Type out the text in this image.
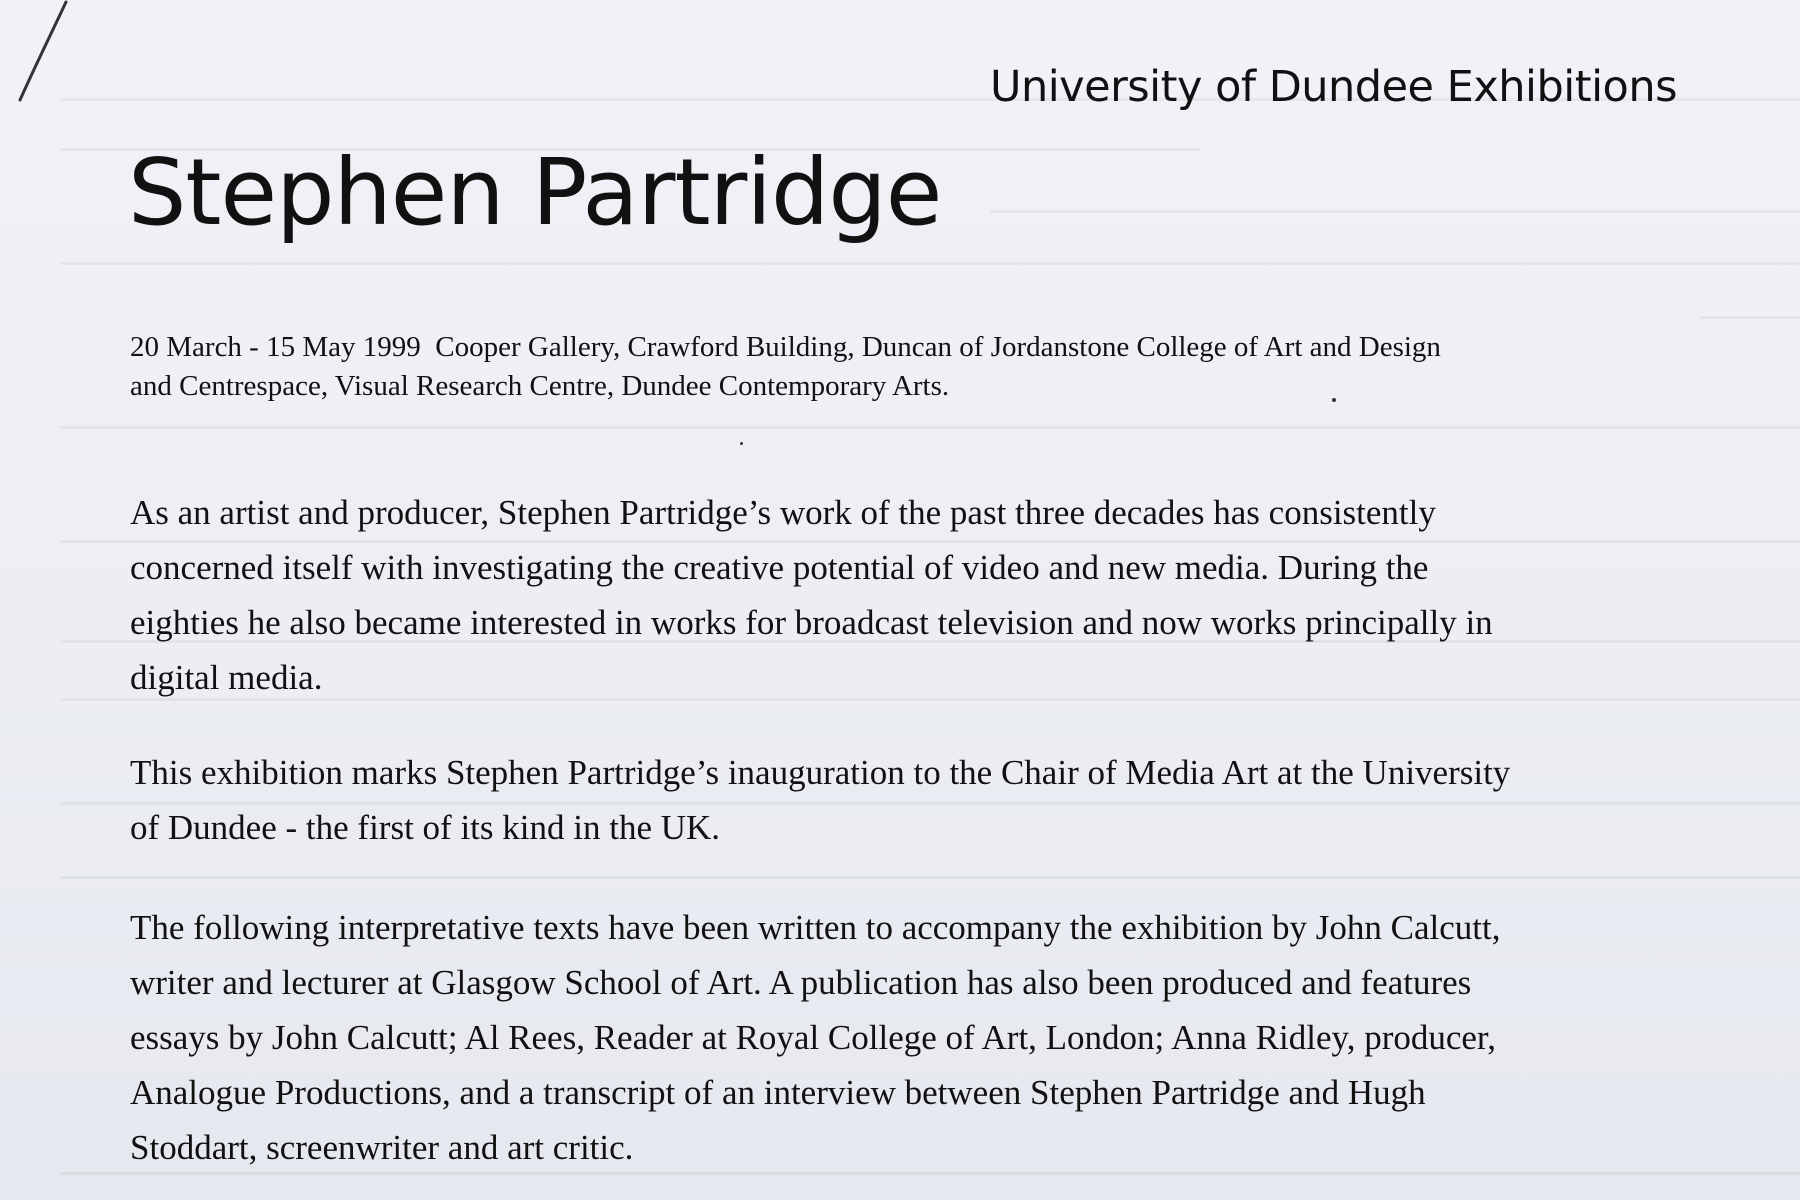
University of Dundee Exhibitions
Stephen Partridge
20 March - 15 May 1999 Cooper Gallery, Crawford Building, Duncan of Jordanstone College of Art and Design
and Centrespace, Visual Research Centre, Dundee Contemporary Arts.
As an artist and producer, Stephen Partridge’s work of the past three decades has consistently
concerned itself with investigating the creative potential of video and new media. During the
eighties he also became interested in works for broadcast television and now works principally in
digital media.
This exhibition marks Stephen Partridge’s inauguration to the Chair of Media Art at the University
of Dundee - the first of its kind in the UK.
The following interpretative texts have been written to accompany the exhibition by John Calcutt,
writer and lecturer at Glasgow School of Art. A publication has also been produced and features
essays by John Calcutt; Al Rees, Reader at Royal College of Art, London; Anna Ridley, producer,
Analogue Productions, and a transcript of an interview between Stephen Partridge and Hugh
Stoddart, screenwriter and art critic.
